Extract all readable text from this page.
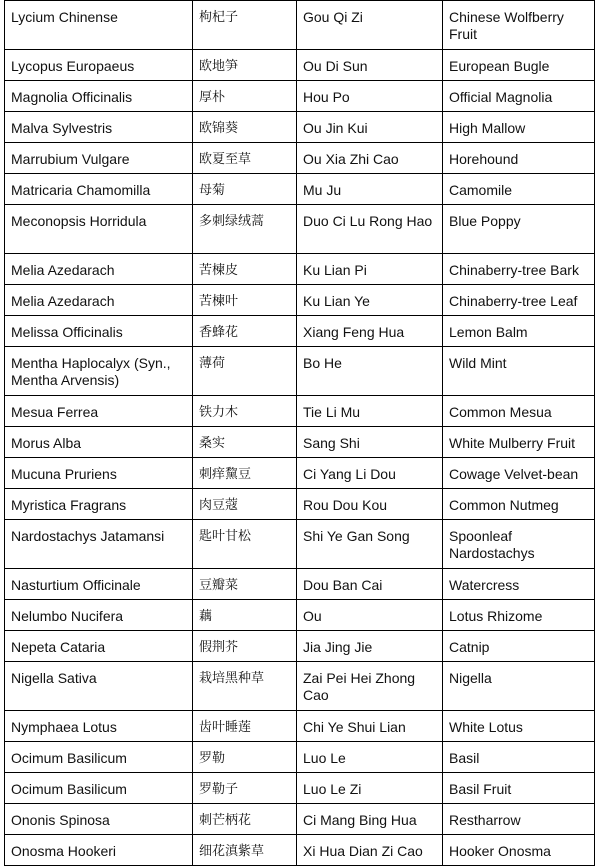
Lycium Chinense	枸杞子	Gou Qi Zi	Chinese Wolfberry Fruit
Lycopus Europaeus	欧地笋	Ou Di Sun	European Bugle
Magnolia Officinalis	厚朴	Hou Po	Official Magnolia
Malva Sylvestris	欧锦葵	Ou Jin Kui	High Mallow
Marrubium Vulgare	欧夏至草	Ou Xia Zhi Cao	Horehound
Matricaria Chamomilla	母菊	Mu Ju	Camomile
Meconopsis Horridula	多刺绿绒蒿	Duo Ci Lu Rong Hao	Blue Poppy
Melia Azedarach	苦楝皮	Ku Lian Pi	Chinaberry-tree Bark
Melia Azedarach	苦楝叶	Ku Lian Ye	Chinaberry-tree Leaf
Melissa Officinalis	香蜂花	Xiang Feng Hua	Lemon Balm
Mentha Haplocalyx (Syn., Mentha Arvensis)	薄荷	Bo He	Wild Mint
Mesua Ferrea	铁力木	Tie Li Mu	Common Mesua
Morus Alba	桑实	Sang Shi	White Mulberry Fruit
Mucuna Pruriens	刺痒黧豆	Ci Yang Li Dou	Cowage Velvet-bean
Myristica Fragrans	肉豆蔻	Rou Dou Kou	Common Nutmeg
Nardostachys Jatamansi	匙叶甘松	Shi Ye Gan Song	Spoonleaf Nardostachys
Nasturtium Officinale	豆瓣菜	Dou Ban Cai	Watercress
Nelumbo Nucifera	藕	Ou	Lotus Rhizome
Nepeta Cataria	假荆芥	Jia Jing Jie	Catnip
Nigella Sativa	栽培黑种草	Zai Pei Hei Zhong Cao	Nigella
Nymphaea Lotus	齿叶睡莲	Chi Ye Shui Lian	White Lotus
Ocimum Basilicum	罗勒	Luo Le	Basil
Ocimum Basilicum	罗勒子	Luo Le Zi	Basil Fruit
Ononis Spinosa	刺芒柄花	Ci Mang Bing Hua	Restharrow
Onosma Hookeri	细花滇紫草	Xi Hua Dian Zi Cao	Hooker Onosma
